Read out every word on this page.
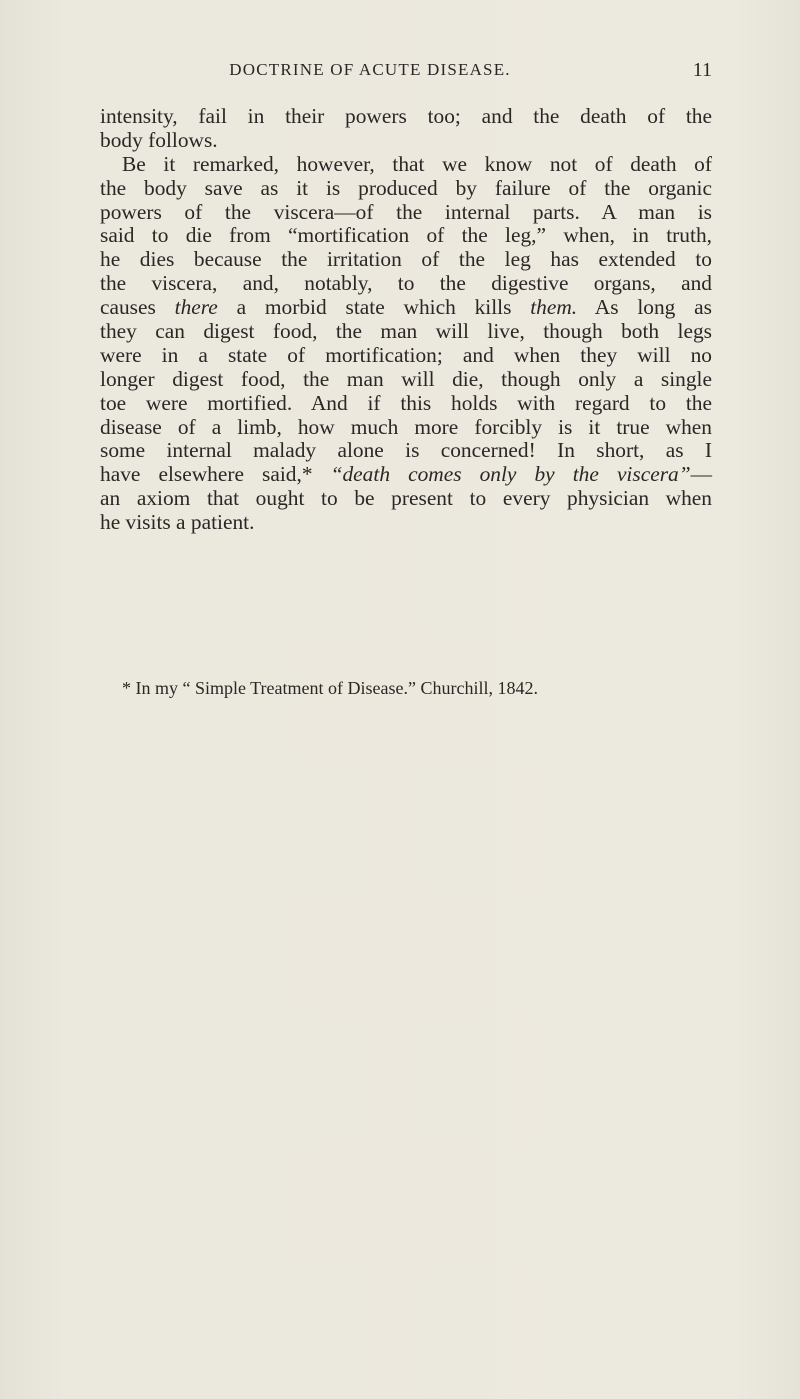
DOCTRINE OF ACUTE DISEASE.	11
intensity, fail in their powers too; and the death of the
body follows.
Be it remarked, however, that we know not of death of
the body save as it is produced by failure of the organic
powers of the viscera—of the internal parts. A man is
said to die from “mortification of the leg,” when, in truth,
he dies because the irritation of the leg has extended to
the viscera, and, notably, to the digestive organs, and
causes there a morbid state which kills them. As long as
they can digest food, the man will live, though both legs
were in a state of mortification; and when they will no
longer digest food, the man will die, though only a single
toe were mortified. And if this holds with regard to the
disease of a limb, how much more forcibly is it true when
some internal malady alone is concerned! In short, as I
have elsewhere said,* “death comes only by the viscera”—
an axiom that ought to be present to every physician when
he visits a patient.
* In my “ Simple Treatment of Disease.” Churchill, 1842.
